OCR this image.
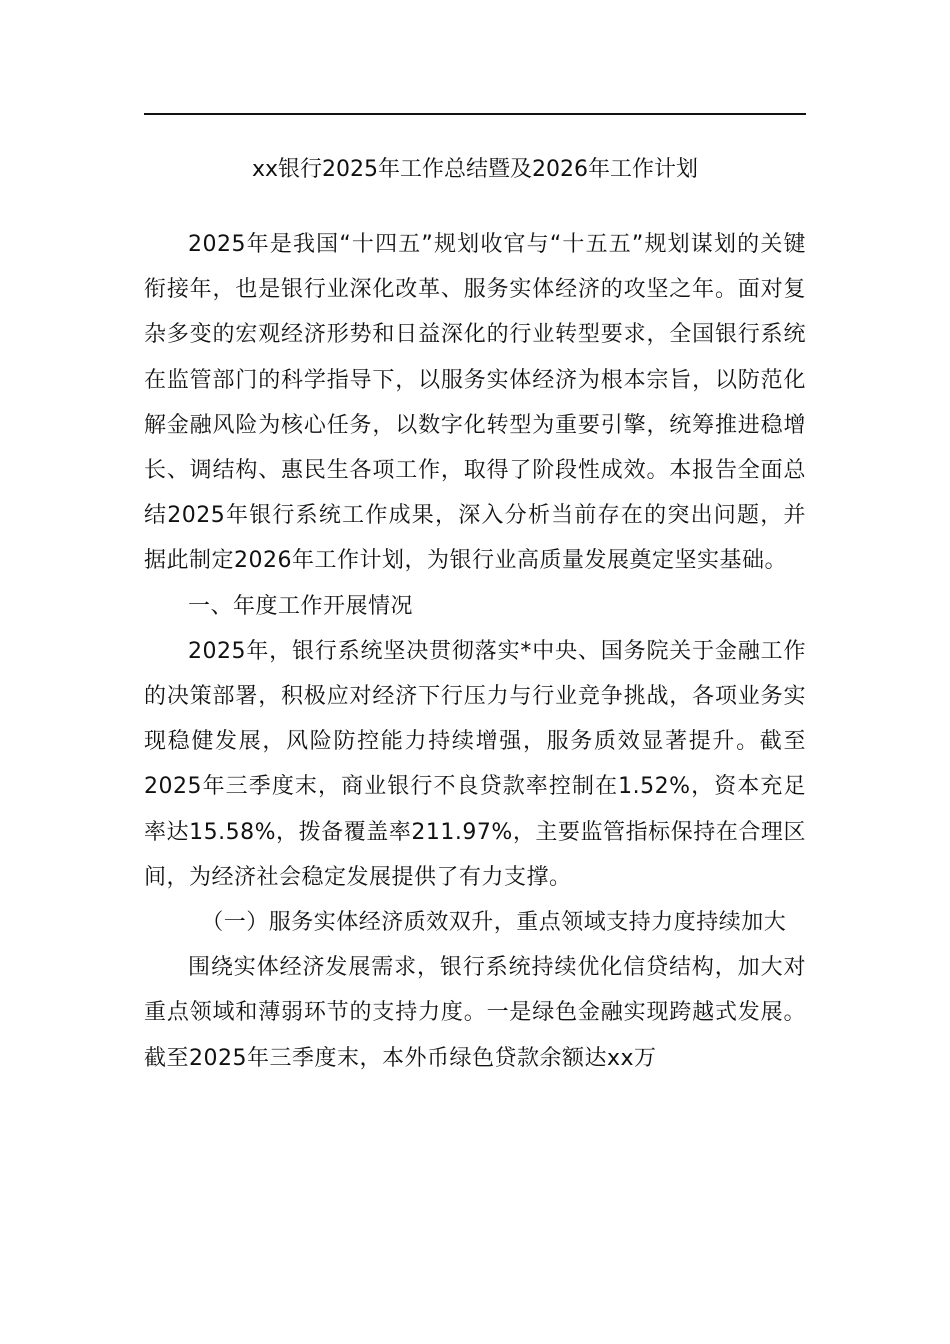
xx银行2025年工作总结暨及2026年工作计划

2025年是我国“十四五”规划收官与“十五五”规划谋划的关键衔接年，也是银行业深化改革、服务实体经济的攻坚之年。面对复杂多变的宏观经济形势和日益深化的行业转型要求，全国银行系统在监管部门的科学指导下，以服务实体经济为根本宗旨，以防范化解金融风险为核心任务，以数字化转型为重要引擎，统筹推进稳增长、调结构、惠民生各项工作，取得了阶段性成效。本报告全面总结2025年银行系统工作成果，深入分析当前存在的突出问题，并据此制定2026年工作计划，为银行业高质量发展奠定坚实基础。

一、年度工作开展情况

2025年，银行系统坚决贯彻落实*中央、国务院关于金融工作的决策部署，积极应对经济下行压力与行业竞争挑战，各项业务实现稳健发展，风险防控能力持续增强，服务质效显著提升。截至2025年三季度末，商业银行不良贷款率控制在1.52%，资本充足率达15.58%，拨备覆盖率211.97%，主要监管指标保持在合理区间，为经济社会稳定发展提供了有力支撑。

（一）服务实体经济质效双升，重点领域支持力度持续加大

围绕实体经济发展需求，银行系统持续优化信贷结构，加大对重点领域和薄弱环节的支持力度。一是绿色金融实现跨越式发展。截至2025年三季度末，本外币绿色贷款余额达xx万
